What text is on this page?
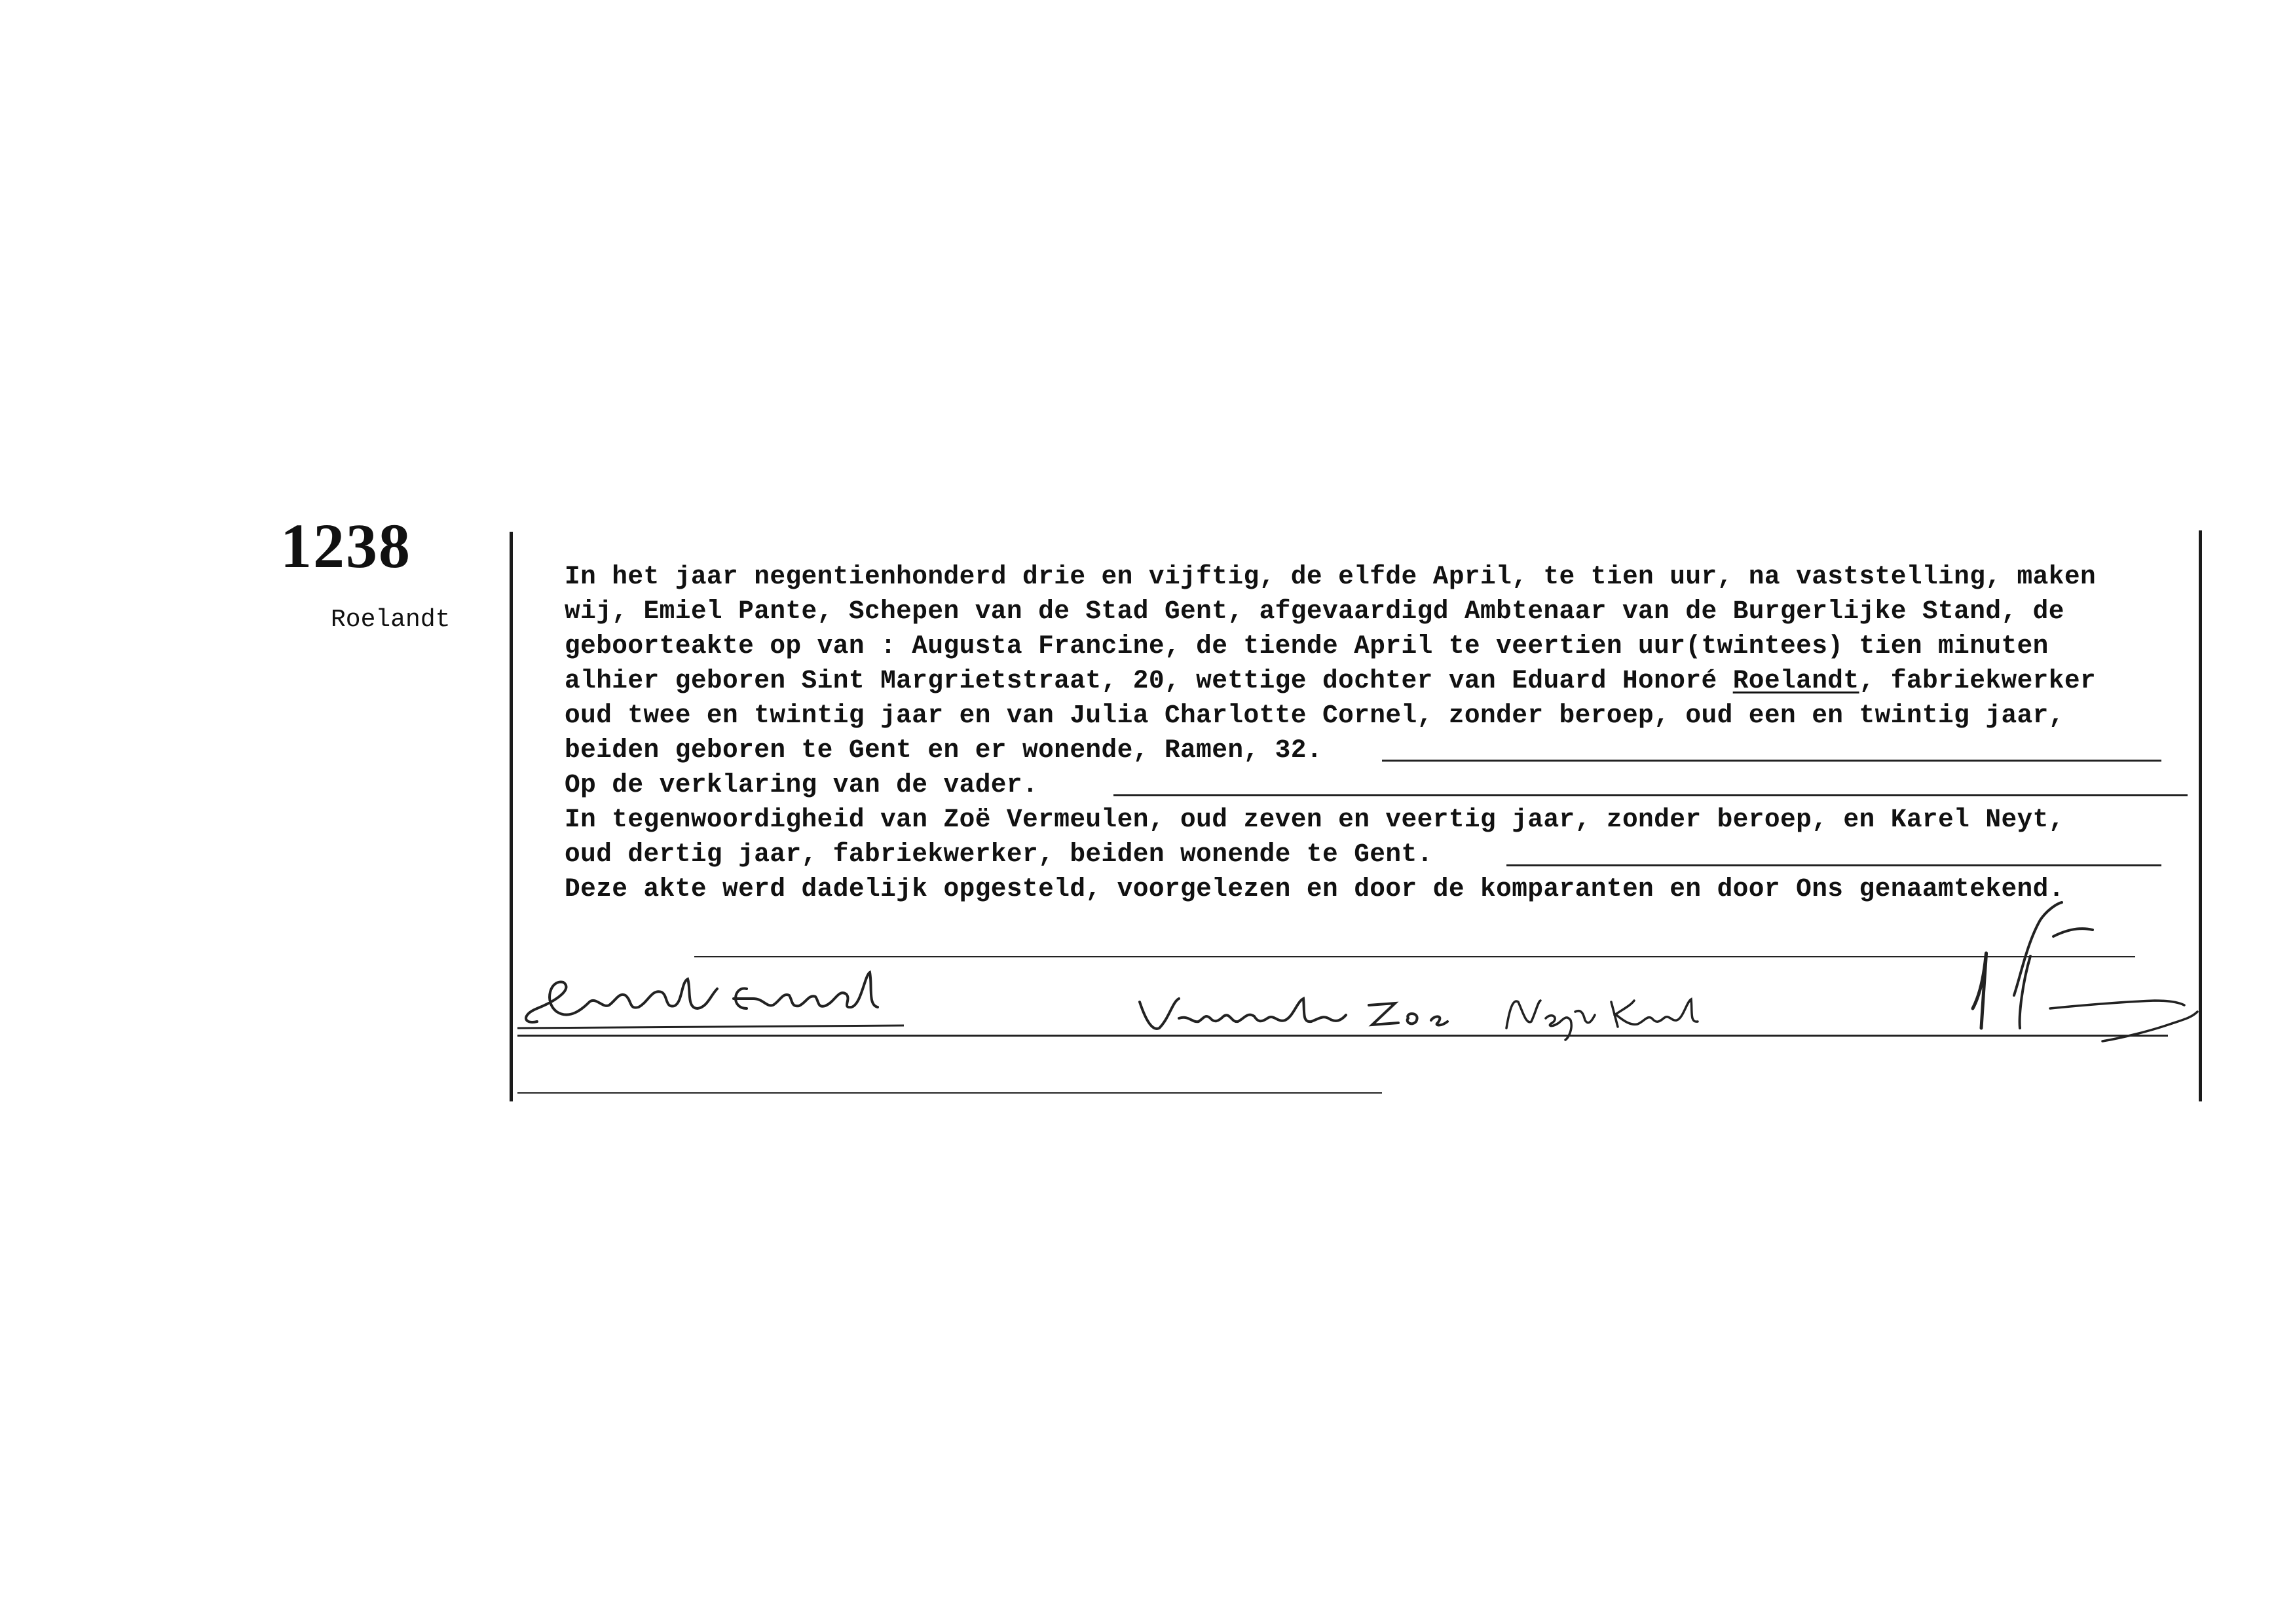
1238
Roelandt
In het jaar negentienhonderd drie en vijftig, de elfde April, te tien uur, na vaststelling, maken
wij, Emiel Pante, Schepen van de Stad Gent, afgevaardigd Ambtenaar van de Burgerlijke Stand, de
geboorteakte op van : Augusta Francine, de tiende April te veertien uur(twintees) tien minuten
alhier geboren Sint Margrietstraat, 20, wettige dochter van Eduard Honoré Roelandt, fabriekwerker
oud twee en twintig jaar en van Julia Charlotte Cornel, zonder beroep, oud een en twintig jaar,
beiden geboren te Gent en er wonende, Ramen, 32.
Op de verklaring van de vader.
In tegenwoordigheid van Zoë Vermeulen, oud zeven en veertig jaar, zonder beroep, en Karel Neyt,
oud dertig jaar, fabriekwerker, beiden wonende te Gent.
Deze akte werd dadelijk opgesteld, voorgelezen en door de komparanten en door Ons genaamtekend.
